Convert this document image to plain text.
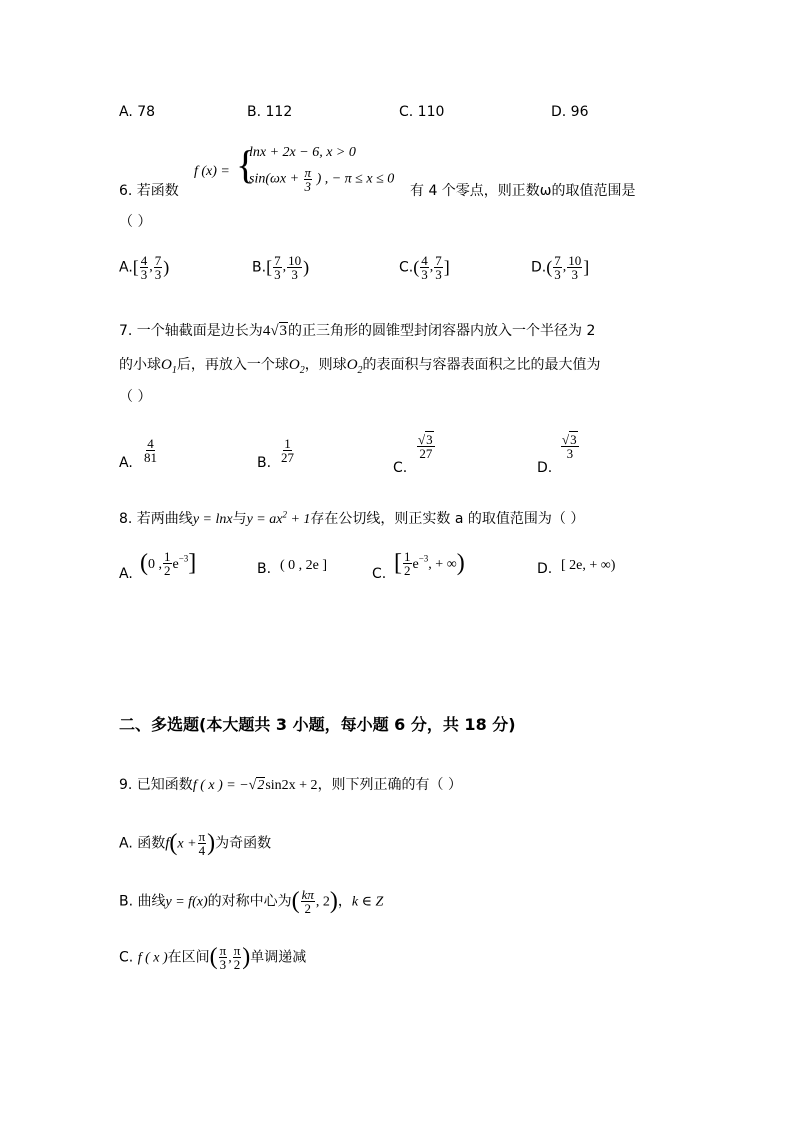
A. 78	B. 112	C. 110	D. 96
6. 若函数
f (x) = {
lnx + 2x − 6, x > 0
$\sin(\omega x + \frac{\pi}{3}$ ) , − π ≤ x ≤ 0
有 4 个零点，则正数ω的取值范围是
（ ）
$A.[ \frac{4}{3}$ , $\frac{7}{3}$ )	$B.[ \frac{7}{3}$ , $\frac{10}{3}$ )	$C.( \frac{4}{3}$ , $\frac{7}{3}$ ]	$D.( \frac{7}{3}$ , $\frac{10}{3}$ ]
7. 一个轴截面是边长为4√3的正三角形的圆锥型封闭容器内放入一个半径为 2
的小球$O_1$后，再放入一个球$O_2$，则球$O_2$的表面积与容器表面积之比的最大值为
（ ）
A. $\frac{4}{81}$	B. $\frac{1}{27}$
C.
$\frac{√3}{27}$
D.
$\frac{√3}{3}$
8. 若两曲线y = lnx与$y = ax^2 + 1$存在公切线，则正实数 a 的取值范围为（ ）
A. (0 , $\frac{1}{2} e^{-3}$]	B. ( 0 , 2e ]
C. [ $\frac{1}{2} e^{-3}$, + ∞)	D. [ 2e, + ∞)
二、多选题(本大题共 3 小题，每小题 6 分，共 18 分)
9. 已知函数f ( x ) = −√2sin2x + 2，则下列正确的有（ ）
A. 函数$f(x + \frac{\pi}{4}$ )为奇函数
B. 曲线y = f(x)的对称中心为( $\frac{k\pi}{2}$ , 2)，k ∈ Z
C. f ( x )在区间( $\frac{\pi}{3}$ , $\frac{\pi}{2}$ )单调递减
